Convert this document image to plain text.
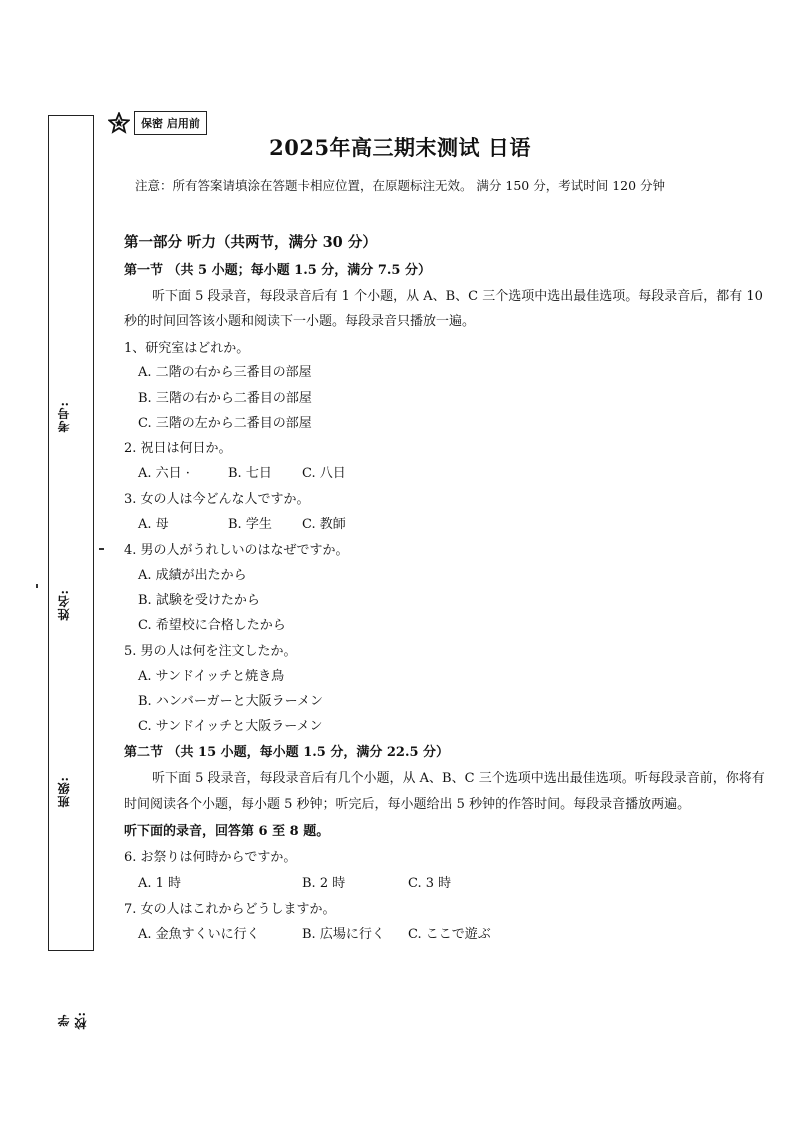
考号:
姓名:
班级:
学校:
保密 启用前
2025年高三期末测试 日语
注意：所有答案请填涂在答题卡相应位置，在原题标注无效。 满分 150 分，考试时间 120 分钟
第一部分 听力（共两节，满分 30 分）
第一节 （共 5 小题；每小题 1.5 分，满分 7.5 分）
听下面 5 段录音，每段录音后有 1 个小题，从 A、B、C 三个选项中选出最佳选项。每段录音后，都有 10
秒的时间回答该小题和阅读下一小题。每段录音只播放一遍。
1、研究室はどれか。
A. 二階の右から三番目の部屋
B. 三階の右から二番目の部屋
C. 三階の左から二番目の部屋
2. 祝日は何日か。
A. 六日 ·	B. 七日 C. 八日
3. 女の人は今どんな人ですか。
A. 母	B. 学生 C. 教師
4. 男の人がうれしいのはなぜですか。
A. 成績が出たから
B. 試験を受けたから
C. 希望校に合格したから
5. 男の人は何を注文したか。
A. サンドイッチと焼き鳥
B. ハンバーガーと大阪ラーメン
C. サンドイッチと大阪ラーメン
第二节 （共 15 小题，每小题 1.5 分，满分 22.5 分）
听下面 5 段录音，每段录音后有几个小题，从 A、B、C 三个选项中选出最佳选项。听每段录音前，你将有
时间阅读各个小题，每小题 5 秒钟；听完后，每小题给出 5 秒钟的作答时间。每段录音播放两遍。
听下面的录音，回答第 6 至 8 题。
6. お祭りは何時からですか。
A. 1 時	B. 2 時	C. 3 時
7. 女の人はこれからどうしますか。
A. 金魚すくいに行く	B. 広場に行く C. ここで遊ぶ
